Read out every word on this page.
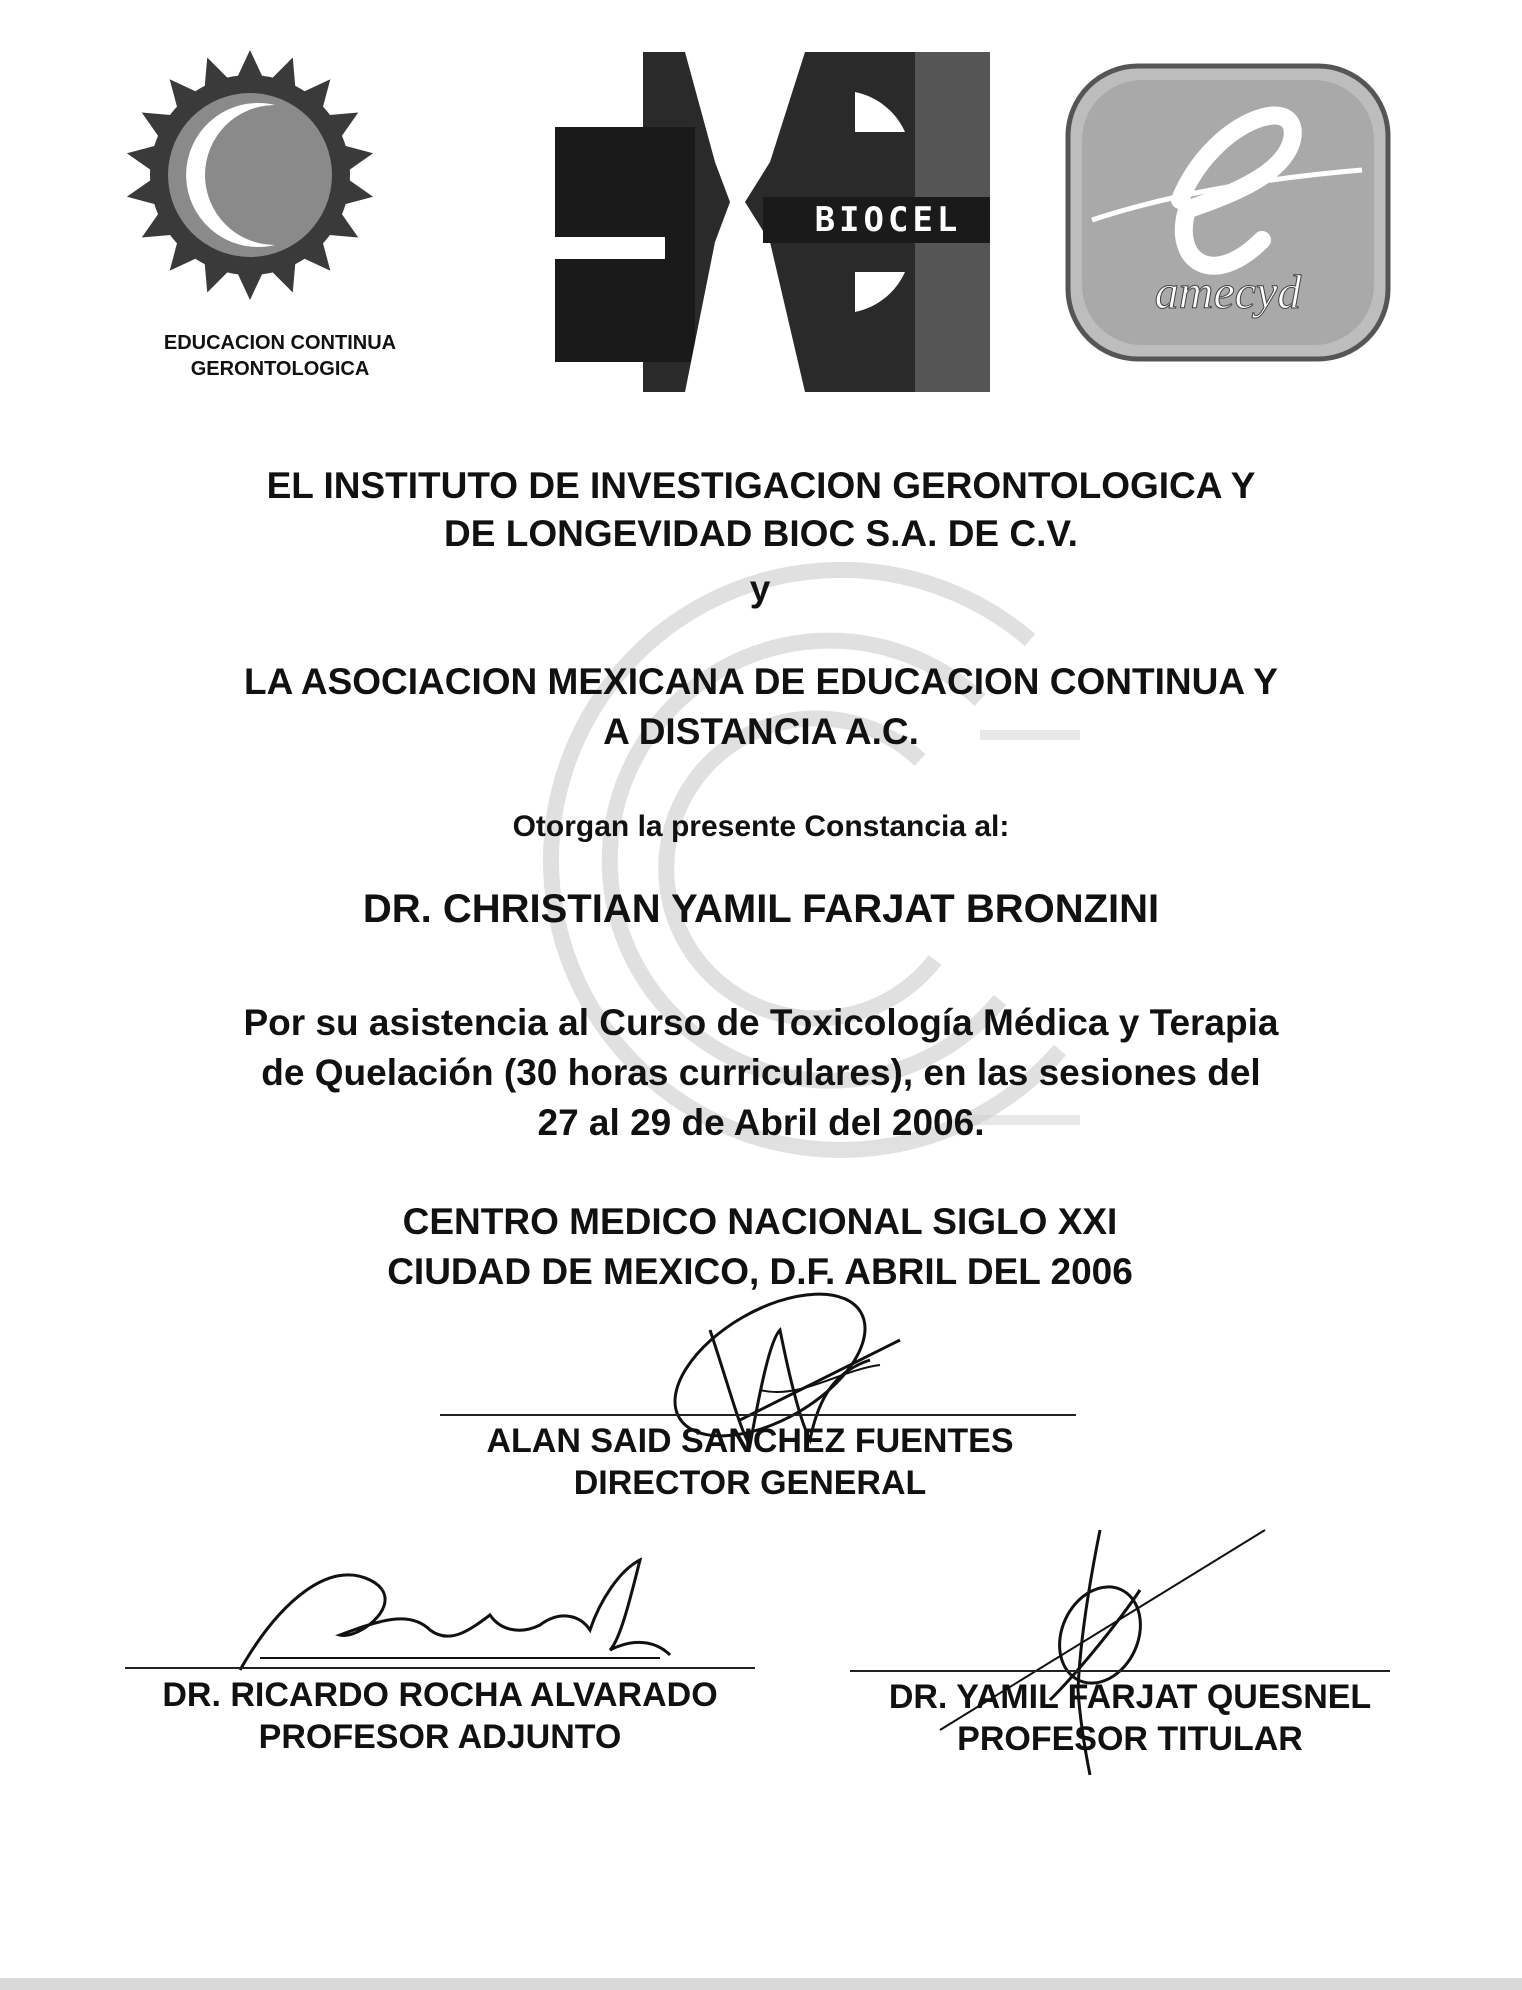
EDUCACION CONTINUA
GERONTOLOGICA
BIOCEL
amecyd
EL INSTITUTO DE INVESTIGACION GERONTOLOGICA Y
DE LONGEVIDAD BIOC S.A. DE C.V.
y
LA ASOCIACION MEXICANA DE EDUCACION CONTINUA Y
A DISTANCIA A.C.
Otorgan la presente Constancia al:
DR. CHRISTIAN YAMIL FARJAT BRONZINI
Por su asistencia al Curso de Toxicología Médica y Terapia
de Quelación (30 horas curriculares), en las sesiones del
27 al 29 de Abril del 2006.
CENTRO MEDICO NACIONAL SIGLO XXI
CIUDAD DE MEXICO, D.F. ABRIL DEL 2006
ALAN SAID SANCHEZ FUENTES
DIRECTOR GENERAL
DR. RICARDO ROCHA ALVARADO
PROFESOR ADJUNTO
DR. YAMIL FARJAT QUESNEL
PROFESOR TITULAR
